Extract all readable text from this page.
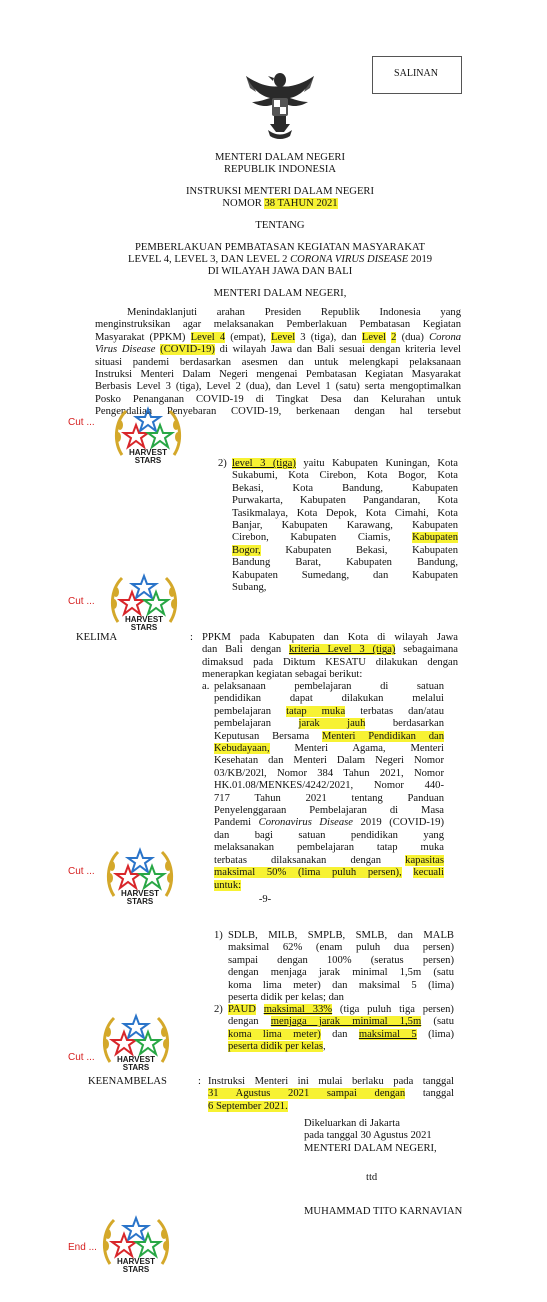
SALINAN
MENTERI DALAM NEGERI
REPUBLIK INDONESIA
INSTRUKSI MENTERI DALAM NEGERI
NOMOR 38 TAHUN 2021
TENTANG
PEMBERLAKUAN PEMBATASAN KEGIATAN MASYARAKAT
LEVEL 4, LEVEL 3, DAN LEVEL 2 CORONA VIRUS DISEASE 2019
DI WILAYAH JAWA DAN BALI
MENTERI DALAM NEGERI,
Menindaklanjuti arahan Presiden Republik Indonesia yang
menginstruksikan agar melaksanakan Pemberlakuan Pembatasan Kegiatan
Masyarakat (PPKM) Level 4 (empat), Level 3 (tiga), dan Level 2 (dua) Corona
Virus Disease (COVID-19) di wilayah Jawa dan Bali sesuai dengan kriteria level
situasi pandemi berdasarkan asesmen dan untuk melengkapi pelaksanaan
Instruksi Menteri Dalam Negeri mengenai Pembatasan Kegiatan Masyarakat
Berbasis Level 3 (tiga), Level 2 (dua), dan Level 1 (satu) serta mengoptimalkan
Posko Penanganan COVID-19 di Tingkat Desa dan Kelurahan untuk
Pengendalian Penyebaran COVID-19, berkenaan dengan hal tersebut
Cut ...
HARVEST
STARS	2) level 3 (tiga) yaitu Kabupaten Kuningan, Kota
Sukabumi, Kota Cirebon, Kota Bogor, Kota
Bekasi, Kota Bandung, Kabupaten
Purwakarta, Kabupaten Pangandaran, Kota
Tasikmalaya, Kota Depok, Kota Cimahi, Kota
Banjar, Kabupaten Karawang, Kabupaten
Cirebon, Kabupaten Ciamis, Kabupaten
Bogor, Kabupaten Bekasi, Kabupaten
Bandung Barat, Kabupaten Bandung,
Kabupaten Sumedang, dan Kabupaten
Subang,
Cut ...
HARVEST
STARS
KELIMA	: PPKM pada Kabupaten dan Kota di wilayah Jawa
dan Bali dengan kriteria Level 3 (tiga) sebagaimana
dimaksud pada Diktum KESATU dilakukan dengan
menerapkan kegiatan sebagai berikut:
a. pelaksanaan pembelajaran di satuan
pendidikan dapat dilakukan melalui
pembelajaran tatap muka terbatas dan/atau
pembelajaran	jarak jauh	berdasarkan
Keputusan Bersama Menteri Pendidikan dan
Kebudayaan, Menteri Agama, Menteri
Kesehatan dan Menteri Dalam Negeri Nomor
03/KB/202l, Nomor 384 Tahun 2021, Nomor
HK.01.08/MENKES/4242/2021, Nomor 440-
717 Tahun 2021 tentang Panduan
Penyelenggaraan Pembelajaran di Masa
Pandemi Coronavirus Disease 2019 (COVID-19)
dan bagi satuan pendidikan yang
melaksanakan pembelajaran tatap muka
terbatas dilaksanakan dengan kapasitas
maksimal 50% (lima puluh persen), kecuali
untuk:
Cut ...
HARVEST
STARS	-9-
1) SDLB, MILB, SMPLB, SMLB, dan MALB
maksimal 62% (enam puluh dua persen)
sampai dengan 100% (seratus persen)
dengan menjaga jarak minimal 1,5m (satu
koma lima meter) dan maksimal 5 (lima)
peserta didik per kelas; dan
2) PAUD maksimal 33% (tiga puluh tiga persen)
dengan menjaga jarak minimal 1,5m (satu
koma lima meter) dan maksimal 5 (lima)
peserta didik per kelas,
Cut ...	HARVEST
STARS
KEENAMBELAS	: Instruksi Menteri ini mulai berlaku pada tanggal
31 Agustus 2021 sampai dengan tanggal
6 September 2021.
Dikeluarkan di Jakarta
pada tanggal 30 Agustus 2021
MENTERI DALAM NEGERI,
ttd
MUHAMMAD TITO KARNAVIAN
End ...
HARVEST
STARS
